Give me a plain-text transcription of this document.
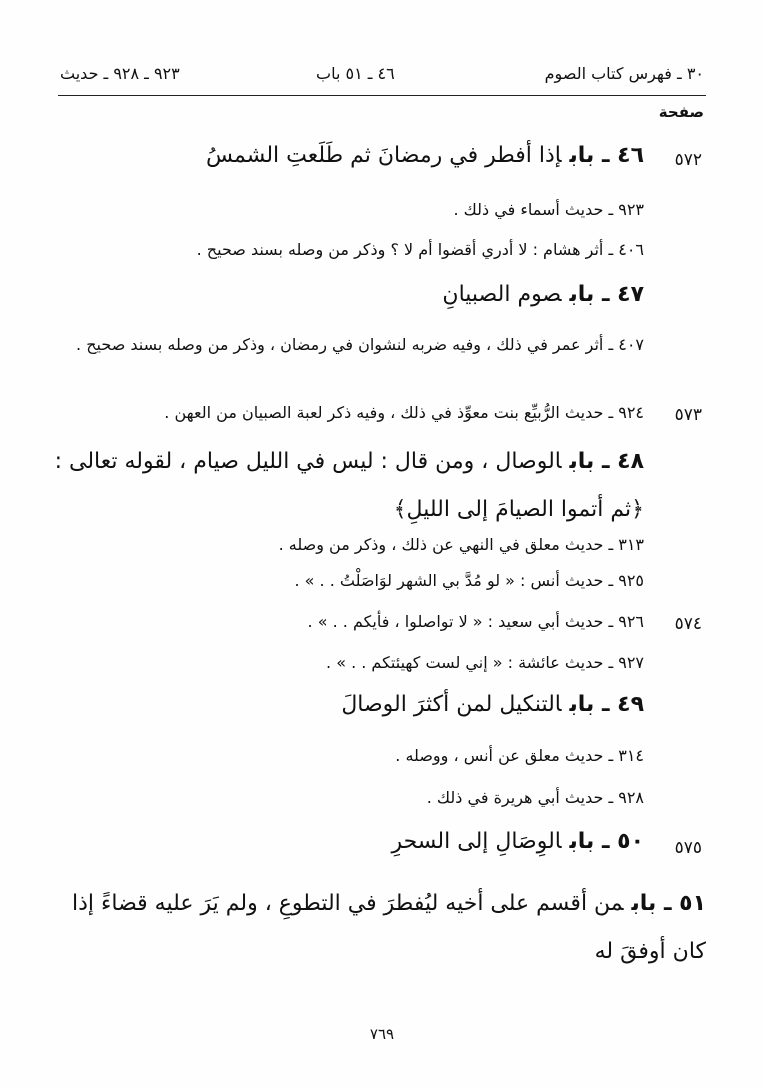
٣٠ ـ فهرس كتاب الصوم
٤٦ ـ ٥١ باب
٩٢٣ ـ ٩٢٨ ـ حديث
صفحة
٥٧٢
٤٦ ـ بابإذا أفطر في رمضانَ ثم طَلَعتِ الشمسُ
٩٢٣ ـ حديث أسماء في ذلك .
٤٠٦ ـ أثر هشام : لا أدري أقضوا أم لا ؟ وذكر من وصله بسند صحيح .
٤٧ ـ بابصوم الصبيانِ
٤٠٧ ـ أثر عمر في ذلك ، وفيه ضربه لنشوان في رمضان ، وذكر من وصله بسند صحيح .
٥٧٣
٩٢٤ ـ حديث الرُّبيِّع بنت معوِّذ في ذلك ، وفيه ذكر لعبة الصبيان من العهن .
٤٨ ـ بابالوصال ، ومن قال : ليس في الليل صيام ، لقوله تعالى : ﴿ثم أتموا الصيامَ إلى الليلِ﴾
٣١٣ ـ حديث معلق في النهي عن ذلك ، وذكر من وصله .
٩٢٥ ـ حديث أنس : « لو مُدَّ بي الشهر لوَاصَلْتُ . . » .
٥٧٤
٩٢٦ ـ حديث أبي سعيد : « لا تواصلوا ، فأيكم . . » .
٩٢٧ ـ حديث عائشة : « إني لست كهيئتكم . . » .
٤٩ ـ بابالتنكيل لمن أكثرَ الوصالَ
٣١٤ ـ حديث معلق عن أنس ، ووصله .
٩٢٨ ـ حديث أبي هريرة في ذلك .
٥٧٥
٥٠ ـ بابالوِصَالِ إلى السحرِ
٥١ ـ بابمن أقسم على أخيه ليُفطرَ في التطوعِ ، ولم يَرَ عليه قضاءً إذا كان أوفقَ له
٧٦٩
